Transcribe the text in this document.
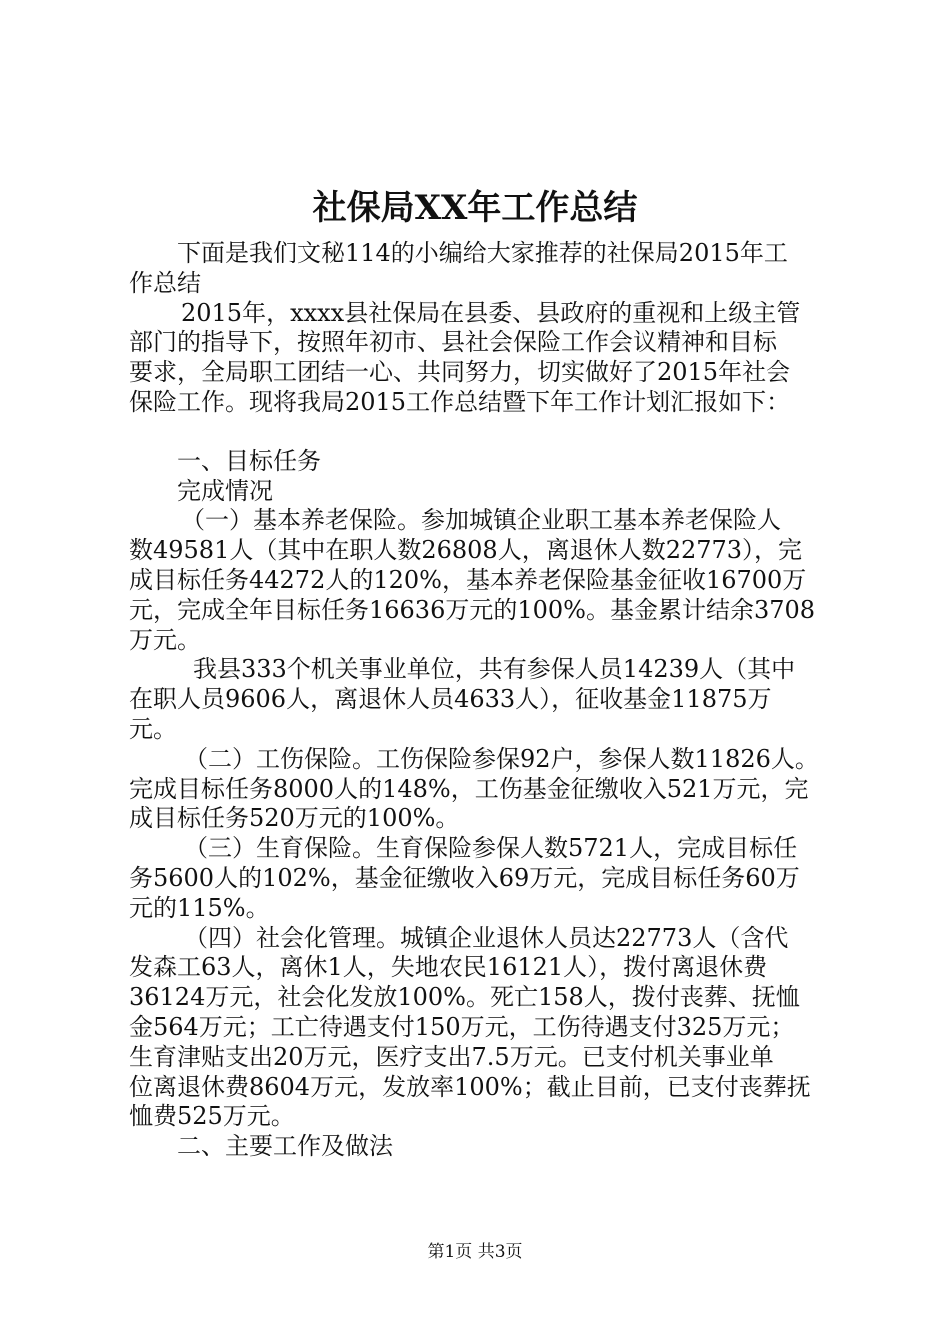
社保局XX年工作总结

下面是我们文秘114的小编给大家推荐的社保局2015年工

作总结

2015年，xxxx县社保局在县委、县政府的重视和上级主管

部门的指导下，按照年初市、县社会保险工作会议精神和目标

要求，全局职工团结一心、共同努力，切实做好了2015年社会

保险工作。现将我局2015工作总结暨下年工作计划汇报如下：

一、目标任务

完成情况

（一）基本养老保险。参加城镇企业职工基本养老保险人

数49581人（其中在职人数26808人，离退休人数22773），完

成目标任务44272人的120%，基本养老保险基金征收16700万

元，完成全年目标任务16636万元的100%。基金累计结余3708

万元。

我县333个机关事业单位，共有参保人员14239人（其中

在职人员9606人，离退休人员4633人），征收基金11875万

元。

（二）工伤保险。工伤保险参保92户，参保人数11826人。

完成目标任务8000人的148%，工伤基金征缴收入521万元，完

成目标任务520万元的100%。

（三）生育保险。生育保险参保人数5721人，完成目标任

务5600人的102%，基金征缴收入69万元，完成目标任务60万

元的115%。

（四）社会化管理。城镇企业退休人员达22773人（含代

发森工63人，离休1人，失地农民16121人），拨付离退休费

36124万元，社会化发放100%。死亡158人，拨付丧葬、抚恤

金564万元；工亡待遇支付150万元，工伤待遇支付325万元；

生育津贴支出20万元，医疗支出7.5万元。已支付机关事业单

位离退休费8604万元，发放率100%；截止目前，已支付丧葬抚

恤费525万元。

二、主要工作及做法

第1页 共3页
